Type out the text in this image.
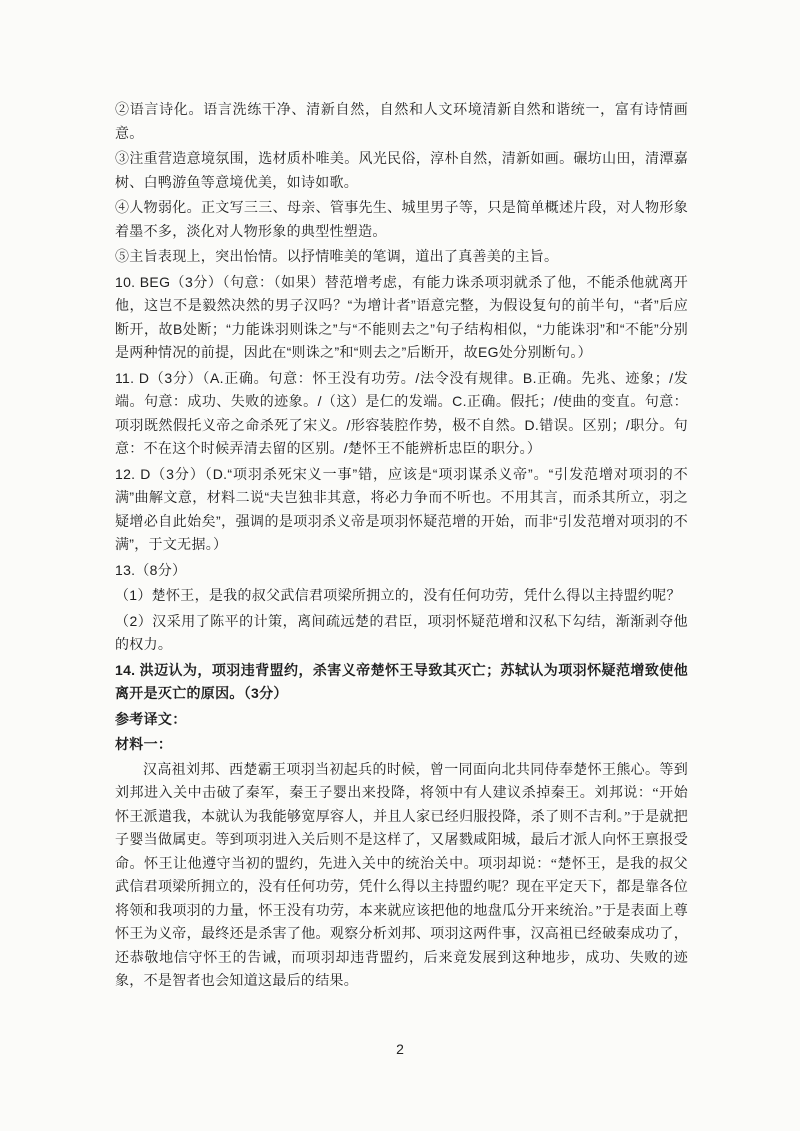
②语言诗化。语言洗练干净、清新自然，自然和人文环境清新自然和谐统一，富有诗情画意。

③注重营造意境氛围，选材质朴唯美。风光民俗，淳朴自然，清新如画。碾坊山田，清潭嘉树、白鸭游鱼等意境优美，如诗如歌。

④人物弱化。正文写三三、母亲、管事先生、城里男子等，只是简单概述片段，对人物形象着墨不多，淡化对人物形象的典型性塑造。

⑤主旨表现上，突出怡情。以抒情唯美的笔调，道出了真善美的主旨。

10. BEG（3分）（句意：（如果）替范增考虑，有能力诛杀项羽就杀了他，不能杀他就离开他，这岂不是毅然决然的男子汉吗？“为增计者”语意完整，为假设复句的前半句，“者”后应断开，故B处断；“力能诛羽则诛之”与“不能则去之”句子结构相似，“力能诛羽”和“不能”分别是两种情况的前提，因此在“则诛之”和“则去之”后断开，故EG处分别断句。）

11. D（3分）（A.正确。句意：怀王没有功劳。/法令没有规律。B.正确。先兆、迹象；/发端。句意：成功、失败的迹象。/（这）是仁的发端。C.正确。假托；/使曲的变直。句意：项羽既然假托义帝之命杀死了宋义。/形容装腔作势，极不自然。D.错误。区别；/职分。句意：不在这个时候弄清去留的区别。/楚怀王不能辨析忠臣的职分。）

12. D（3分）（D.“项羽杀死宋义一事”错，应该是“项羽谋杀义帝”。“引发范增对项羽的不满”曲解文意，材料二说“夫岂独非其意，将必力争而不听也。不用其言，而杀其所立，羽之疑增必自此始矣”，强调的是项羽杀义帝是项羽怀疑范增的开始，而非“引发范增对项羽的不满”，于文无据。）

13.（8分）

（1）楚怀王，是我的叔父武信君项梁所拥立的，没有任何功劳，凭什么得以主持盟约呢？

（2）汉采用了陈平的计策，离间疏远楚的君臣，项羽怀疑范增和汉私下勾结，渐渐剥夺他的权力。

14. 洪迈认为，项羽违背盟约，杀害义帝楚怀王导致其灭亡；苏轼认为项羽怀疑范增致使他离开是灭亡的原因。（3分）

参考译文：

材料一：

汉高祖刘邦、西楚霸王项羽当初起兵的时候，曾一同面向北共同侍奉楚怀王熊心。等到刘邦进入关中击破了秦军，秦王子婴出来投降，将领中有人建议杀掉秦王。刘邦说：“开始怀王派遣我，本就认为我能够宽厚容人，并且人家已经归服投降，杀了则不吉利。”于是就把子婴当做属吏。等到项羽进入关后则不是这样了，又屠戮咸阳城，最后才派人向怀王禀报受命。怀王让他遵守当初的盟约，先进入关中的统治关中。项羽却说：“楚怀王，是我的叔父武信君项梁所拥立的，没有任何功劳，凭什么得以主持盟约呢？现在平定天下，都是靠各位将领和我项羽的力量，怀王没有功劳，本来就应该把他的地盘瓜分开来统治。”于是表面上尊怀王为义帝，最终还是杀害了他。观察分析刘邦、项羽这两件事，汉高祖已经破秦成功了，还恭敬地信守怀王的告诫，而项羽却违背盟约，后来竟发展到这种地步，成功、失败的迹象，不是智者也会知道这最后的结果。

2
